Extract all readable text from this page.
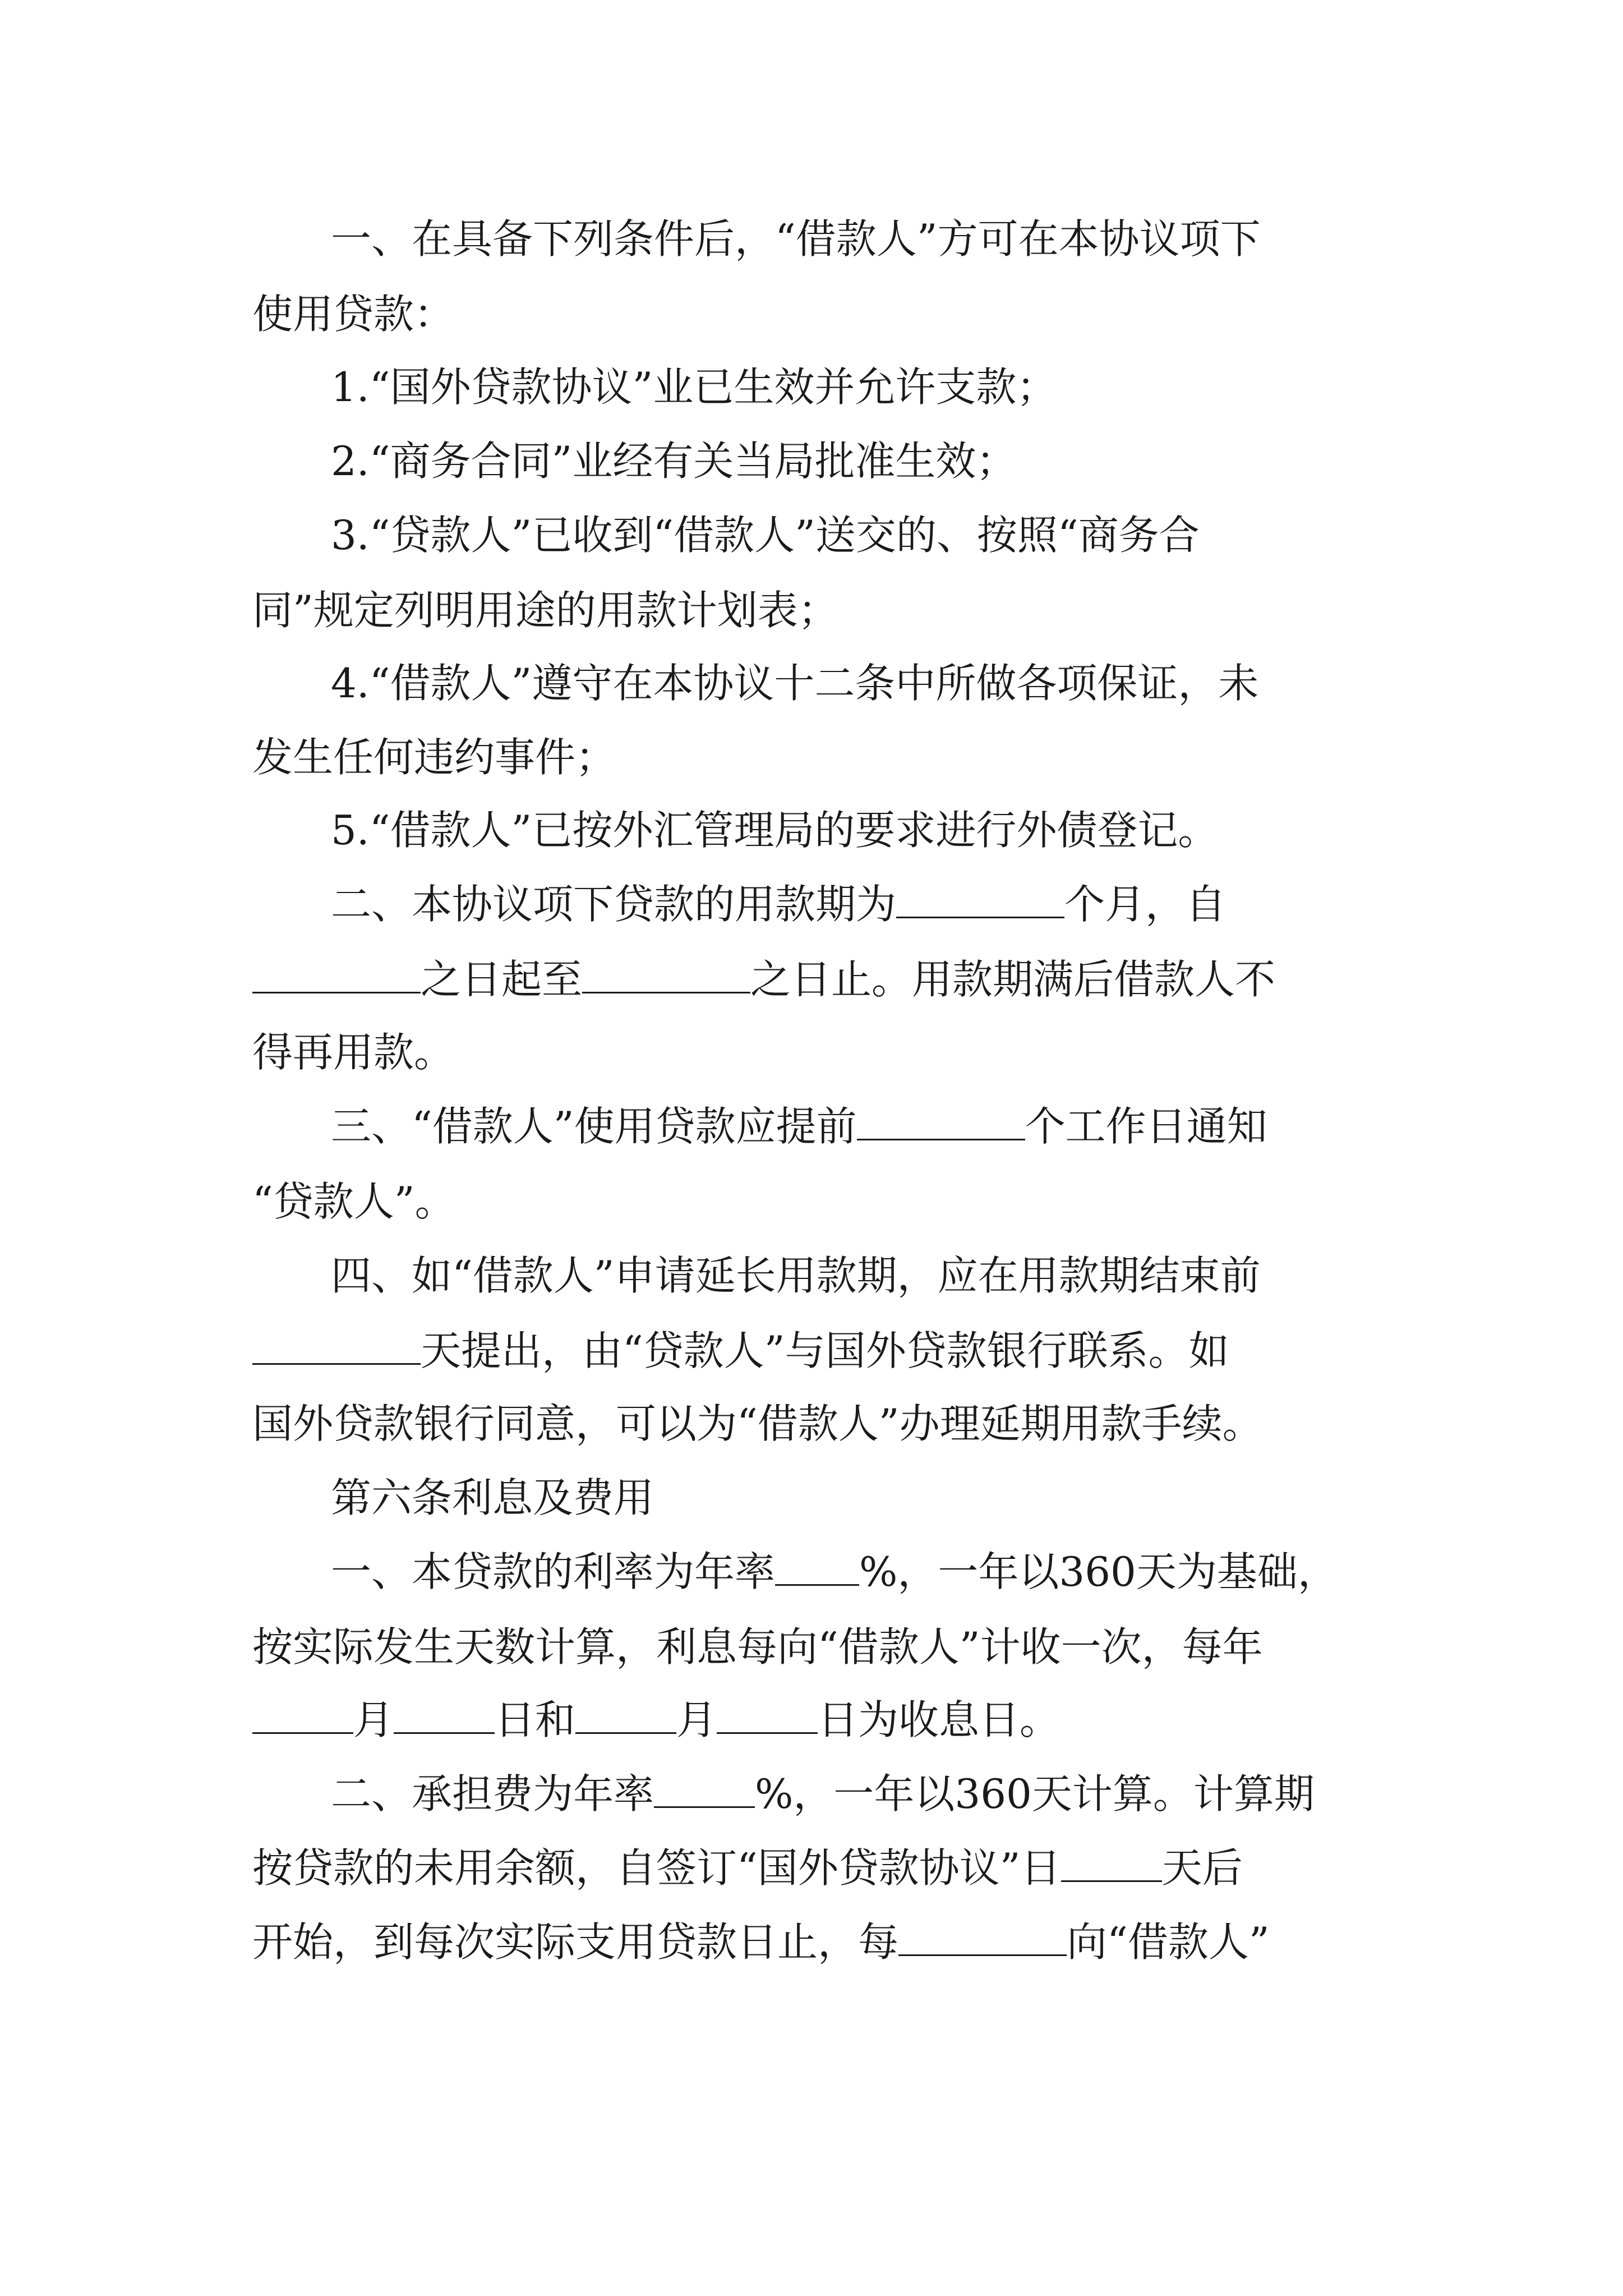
一、在具备下列条件后，“借款人”方可在本协议项下
使用贷款：
1.“国外贷款协议”业已生效并允许支款；
2.“商务合同”业经有关当局批准生效；
3.“贷款人”已收到“借款人”送交的、按照“商务合
同”规定列明用途的用款计划表；
4.“借款人”遵守在本协议十二条中所做各项保证，未
发生任何违约事件；
5.“借款人”已按外汇管理局的要求进行外债登记。
二、本协议项下贷款的用款期为	个月，自
之日起至	之日止。用款期满后借款人不
得再用款。
三、“借款人”使用贷款应提前	个工作日通知
“贷款人”。
四、如“借款人”申请延长用款期，应在用款期结束前
天提出，由“贷款人”与国外贷款银行联系。如
国外贷款银行同意，可以为“借款人”办理延期用款手续。
第六条利息及费用
一、本贷款的利率为年率 %，一年以360天为基础，
按实际发生天数计算，利息每向“借款人”计收一次，每年
月	日和	月	日为收息日。
二、承担费为年率	%，一年以360天计算。计算期
按贷款的未用余额，自签订“国外贷款协议”日	天后
开始，到每次实际支用贷款日止，每	向“借款人”
